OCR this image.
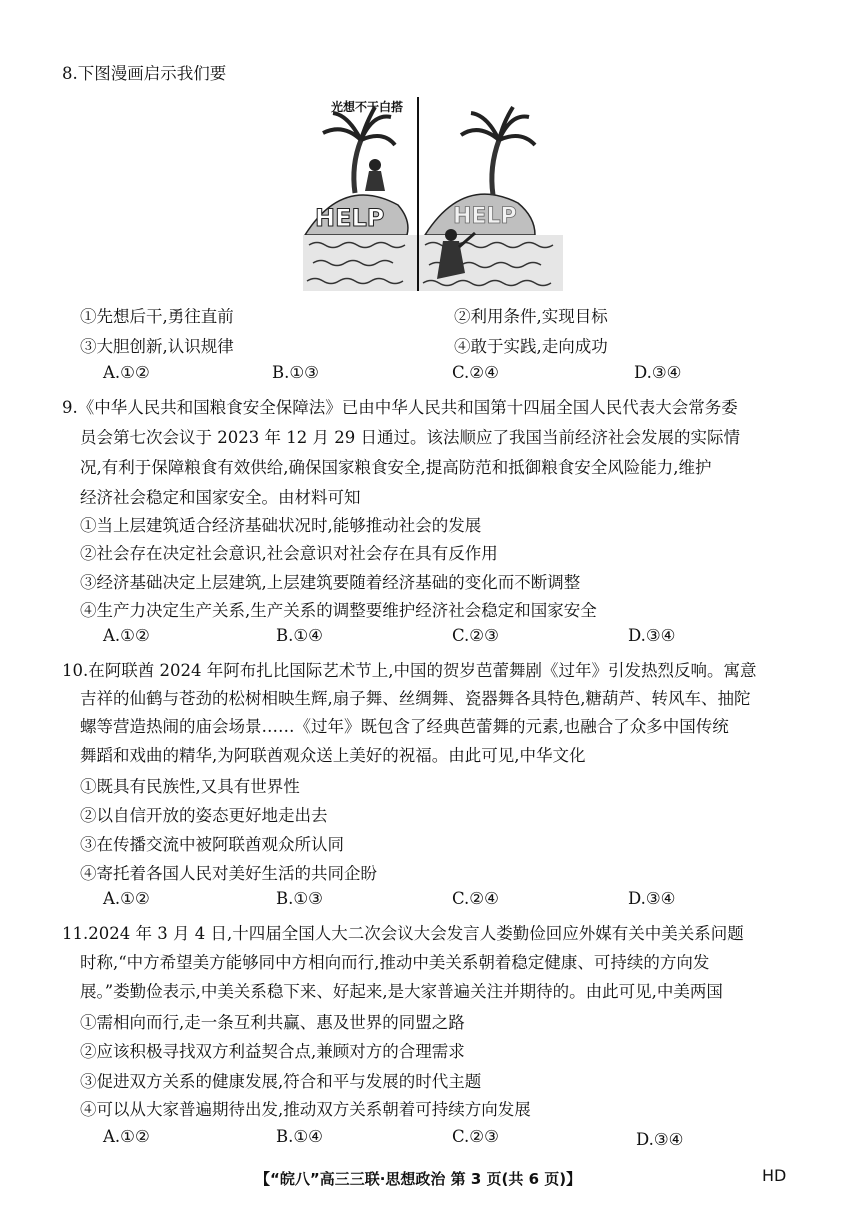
8.下图漫画启示我们要
光想不干白搭
HELP	HELP
①先想后干,勇往直前	②利用条件,实现目标
③大胆创新,认识规律	④敢于实践,走向成功
A.①②	B.①③	C.②④	D.③④
9.《中华人民共和国粮食安全保障法》已由中华人民共和国第十四届全国人民代表大会常务委
员会第七次会议于 2023 年 12 月 29 日通过。该法顺应了我国当前经济社会发展的实际情
况,有利于保障粮食有效供给,确保国家粮食安全,提高防范和抵御粮食安全风险能力,维护
经济社会稳定和国家安全。由材料可知
①当上层建筑适合经济基础状况时,能够推动社会的发展
②社会存在决定社会意识,社会意识对社会存在具有反作用
③经济基础决定上层建筑,上层建筑要随着经济基础的变化而不断调整
④生产力决定生产关系,生产关系的调整要维护经济社会稳定和国家安全
A.①②	B.①④	C.②③	D.③④
10.在阿联酋 2024 年阿布扎比国际艺术节上,中国的贺岁芭蕾舞剧《过年》引发热烈反响。寓意
吉祥的仙鹤与苍劲的松树相映生辉,扇子舞、丝绸舞、瓷器舞各具特色,糖葫芦、转风车、抽陀
螺等营造热闹的庙会场景……《过年》既包含了经典芭蕾舞的元素,也融合了众多中国传统
舞蹈和戏曲的精华,为阿联酋观众送上美好的祝福。由此可见,中华文化
①既具有民族性,又具有世界性
②以自信开放的姿态更好地走出去
③在传播交流中被阿联酋观众所认同
④寄托着各国人民对美好生活的共同企盼
A.①②	B.①③	C.②④	D.③④
11.2024 年 3 月 4 日,十四届全国人大二次会议大会发言人娄勤俭回应外媒有关中美关系问题
时称,“中方希望美方能够同中方相向而行,推动中美关系朝着稳定健康、可持续的方向发
展。”娄勤俭表示,中美关系稳下来、好起来,是大家普遍关注并期待的。由此可见,中美两国
①需相向而行,走一条互利共赢、惠及世界的同盟之路
②应该积极寻找双方利益契合点,兼顾对方的合理需求
③促进双方关系的健康发展,符合和平与发展的时代主题
④可以从大家普遍期待出发,推动双方关系朝着可持续方向发展
A.①②	B.①④	C.②③	D.③④
【“皖八”高三三联·思想政治 第 3 页(共 6 页)】	HD
